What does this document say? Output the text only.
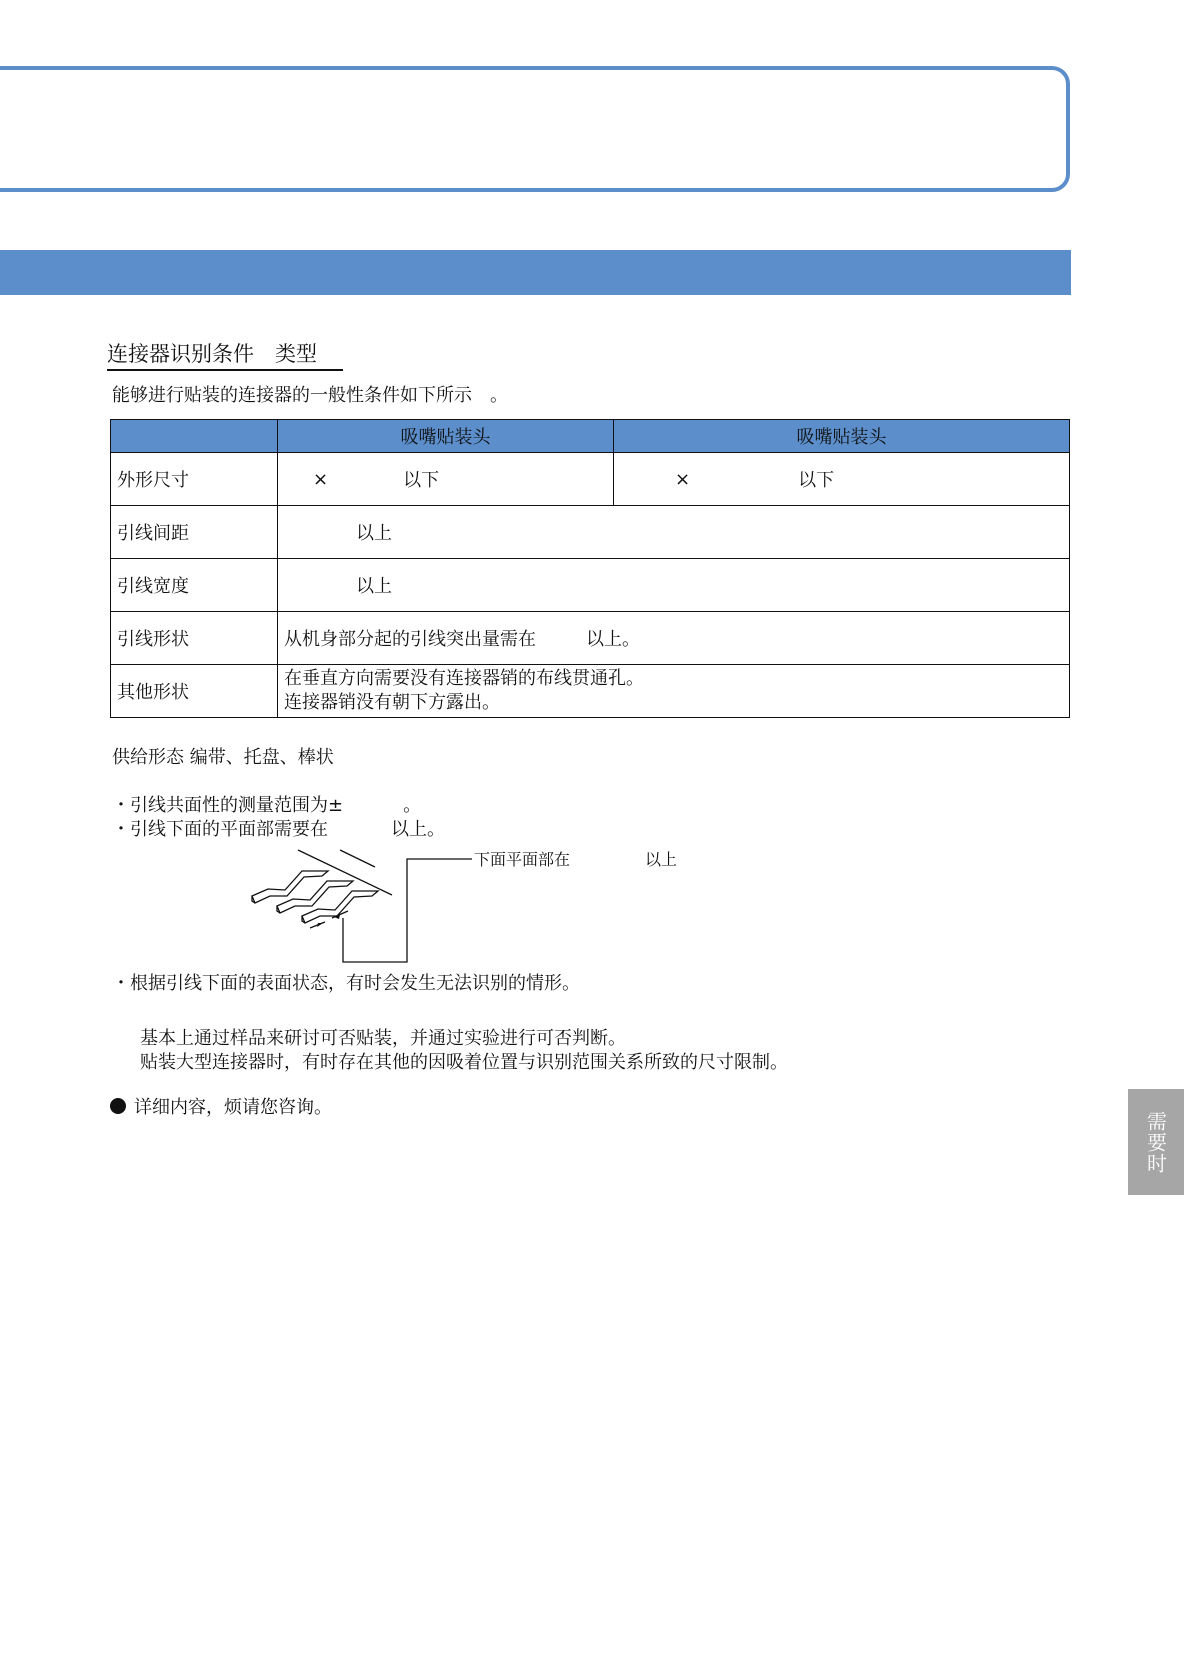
连接器识别条件　类型
能够进行贴装的连接器的一般性条件如下所示　。
	吸嘴贴装头	吸嘴贴装头
外形尺寸	× 以下	× 以下

引线间距	以上	
引线宽度	以上	
引线形状	从机身部分起的引线突出量需在 以上。	

其他形状	在垂直方向需要没有连接器销的布线贯通孔。
连接器销没有朝下方露出。	
供给形态 编带、托盘、棒状
・引线共面性的测量范围为±	。
・引线下面的平面部需要在	以上。
下面平面部在	以上
・根据引线下面的表面状态，有时会发生无法识别的情形。
基本上通过样品来研讨可否贴装，并通过实验进行可否判断。
贴装大型连接器时，有时存在其他的因吸着位置与识别范围关系所致的尺寸限制。
详细内容，烦请您咨询。
需要时
